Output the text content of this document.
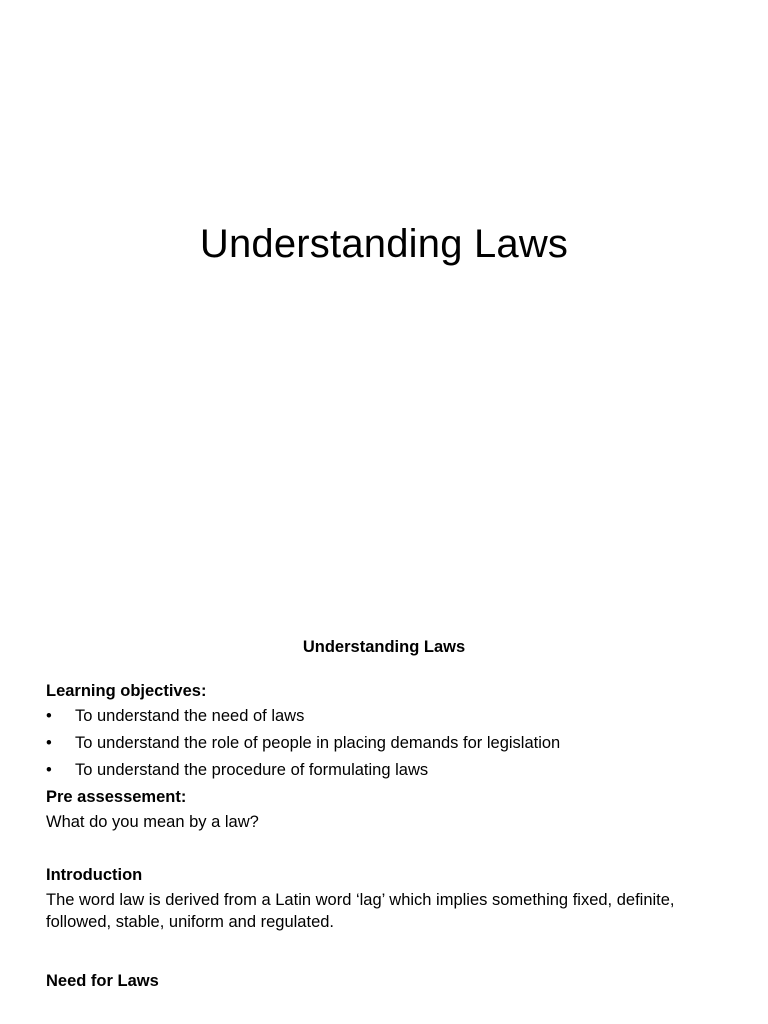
Understanding Laws

Understanding Laws

Learning objectives:

• To understand the need of laws
• To understand the role of people in placing demands for legislation
• To understand the procedure of formulating laws

Pre assessement:

What do you mean by a law?

Introduction

The word law is derived from a Latin word ‘lag’ which implies something fixed, definite, followed, stable, uniform and regulated.

Need for Laws
